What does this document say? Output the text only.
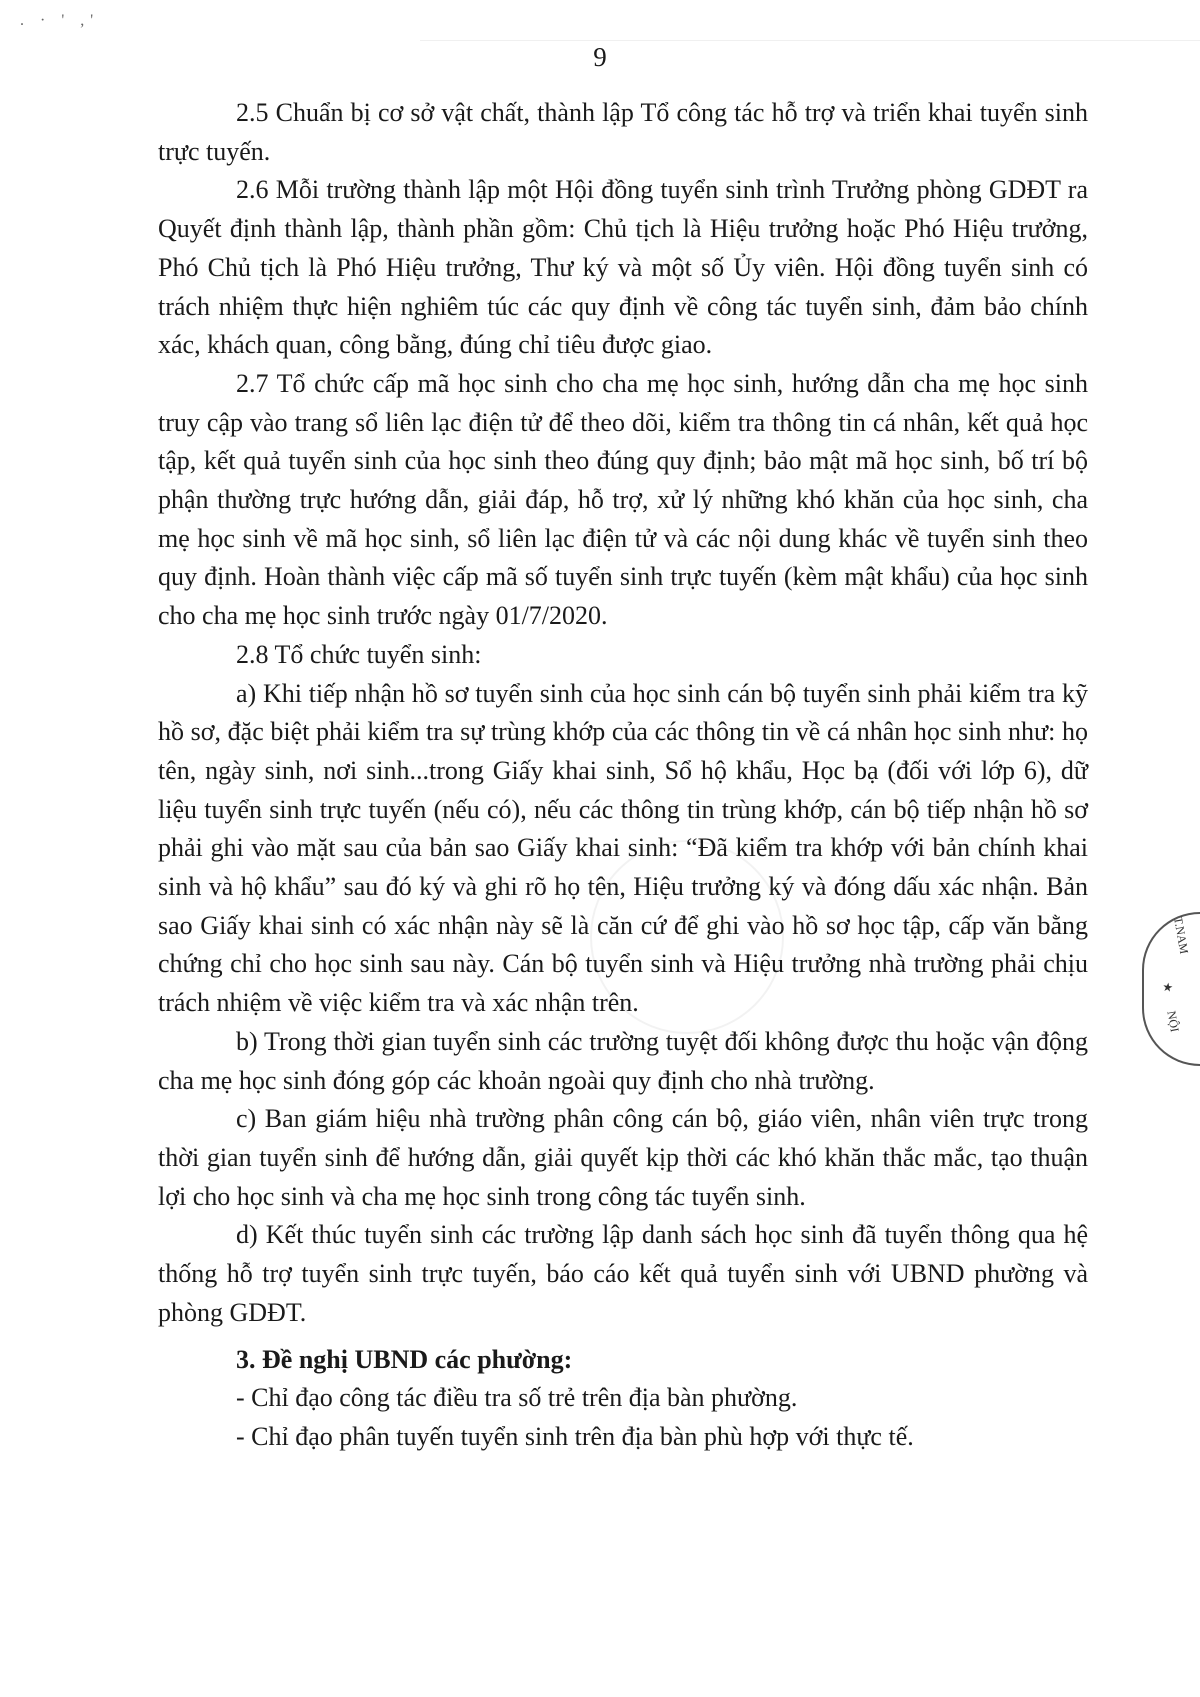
. · ' ,'
9

2.5 Chuẩn bị cơ sở vật chất, thành lập Tổ công tác hỗ trợ và triển khai tuyển sinh trực tuyến.

2.6 Mỗi trường thành lập một Hội đồng tuyển sinh trình Trưởng phòng GDĐT ra Quyết định thành lập, thành phần gồm: Chủ tịch là Hiệu trưởng hoặc Phó Hiệu trưởng, Phó Chủ tịch là Phó Hiệu trưởng, Thư ký và một số Ủy viên. Hội đồng tuyển sinh có trách nhiệm thực hiện nghiêm túc các quy định về công tác tuyển sinh, đảm bảo chính xác, khách quan, công bằng, đúng chỉ tiêu được giao.

2.7 Tổ chức cấp mã học sinh cho cha mẹ học sinh, hướng dẫn cha mẹ học sinh truy cập vào trang sổ liên lạc điện tử để theo dõi, kiểm tra thông tin cá nhân, kết quả học tập, kết quả tuyển sinh của học sinh theo đúng quy định; bảo mật mã học sinh, bố trí bộ phận thường trực hướng dẫn, giải đáp, hỗ trợ, xử lý những khó khăn của học sinh, cha mẹ học sinh về mã học sinh, sổ liên lạc điện tử và các nội dung khác về tuyển sinh theo quy định. Hoàn thành việc cấp mã số tuyển sinh trực tuyến (kèm mật khẩu) của học sinh cho cha mẹ học sinh trước ngày 01/7/2020.

2.8 Tổ chức tuyển sinh:

a) Khi tiếp nhận hồ sơ tuyển sinh của học sinh cán bộ tuyển sinh phải kiểm tra kỹ hồ sơ, đặc biệt phải kiểm tra sự trùng khớp của các thông tin về cá nhân học sinh như: họ tên, ngày sinh, nơi sinh...trong Giấy khai sinh, Sổ hộ khẩu, Học bạ (đối với lớp 6), dữ liệu tuyển sinh trực tuyến (nếu có), nếu các thông tin trùng khớp, cán bộ tiếp nhận hồ sơ phải ghi vào mặt sau của bản sao Giấy khai sinh: “Đã kiểm tra khớp với bản chính khai sinh và hộ khẩu” sau đó ký và ghi rõ họ tên, Hiệu trưởng ký và đóng dấu xác nhận. Bản sao Giấy khai sinh có xác nhận này sẽ là căn cứ để ghi vào hồ sơ học tập, cấp văn bằng chứng chỉ cho học sinh sau này. Cán bộ tuyển sinh và Hiệu trưởng nhà trường phải chịu trách nhiệm về việc kiểm tra và xác nhận trên.

b) Trong thời gian tuyển sinh các trường tuyệt đối không được thu hoặc vận động cha mẹ học sinh đóng góp các khoản ngoài quy định cho nhà trường.

c) Ban giám hiệu nhà trường phân công cán bộ, giáo viên, nhân viên trực trong thời gian tuyển sinh để hướng dẫn, giải quyết kịp thời các khó khăn thắc mắc, tạo thuận lợi cho học sinh và cha mẹ học sinh trong công tác tuyển sinh.

d) Kết thúc tuyển sinh các trường lập danh sách học sinh đã tuyển thông qua hệ thống hỗ trợ tuyển sinh trực tuyến, báo cáo kết quả tuyển sinh với UBND phường và phòng GDĐT.

3. Đề nghị UBND các phường:

- Chỉ đạo công tác điều tra số trẻ trên địa bàn phường.

- Chỉ đạo phân tuyến tuyển sinh trên địa bàn phù hợp với thực tế.

T.NAM
★
NỘI
